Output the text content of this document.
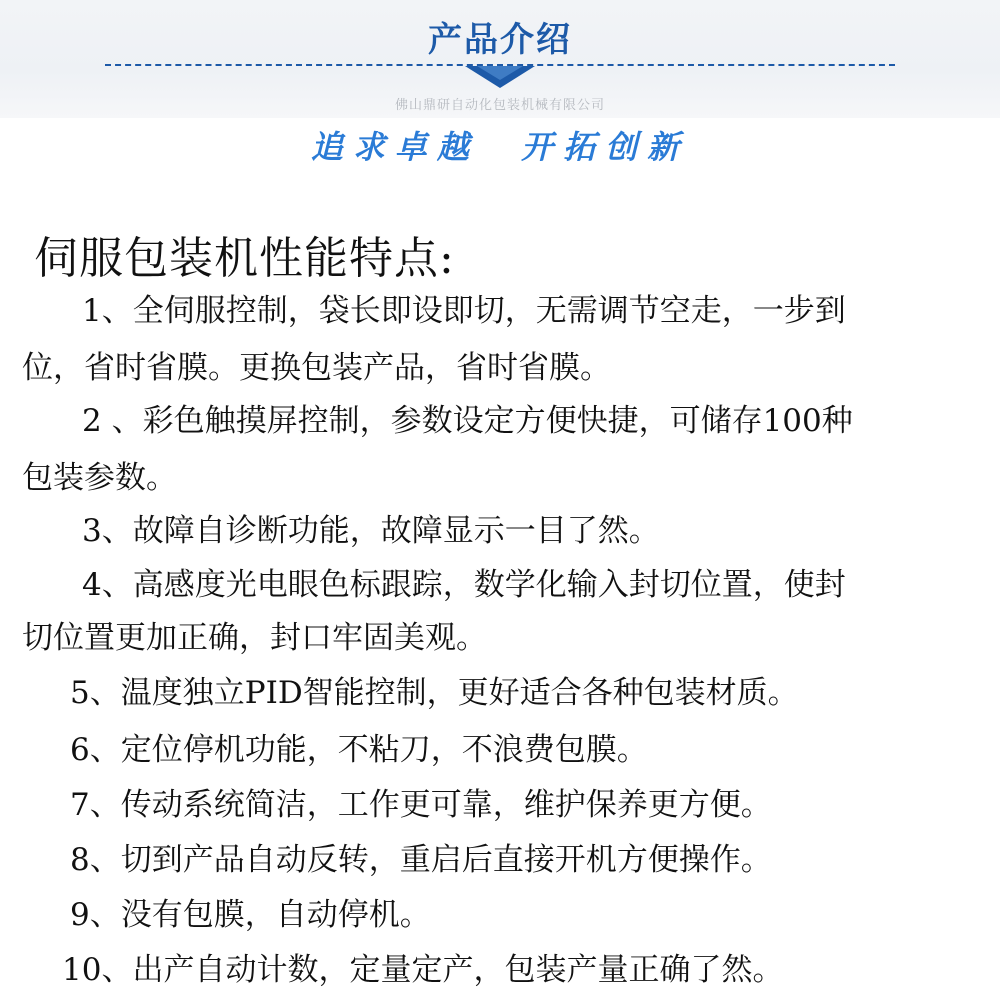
产品介绍
佛山鼎研自动化包装机械有限公司
追求卓越  开拓创新
伺服包装机性能特点:
1、全伺服控制，袋长即设即切，无需调节空走，一步到
位，省时省膜。更换包装产品，省时省膜。
2 、彩色触摸屏控制，参数设定方便快捷，可储存100种
包装参数。
3、故障自诊断功能，故障显示一目了然。
4、高感度光电眼色标跟踪，数学化输入封切位置，使封
切位置更加正确，封口牢固美观。
5、温度独立PID智能控制，更好适合各种包装材质。
6、定位停机功能，不粘刀，不浪费包膜。
7、传动系统简洁，工作更可靠，维护保养更方便。
8、切到产品自动反转，重启后直接开机方便操作。
9、没有包膜，自动停机。
10、出产自动计数，定量定产，包装产量正确了然。
